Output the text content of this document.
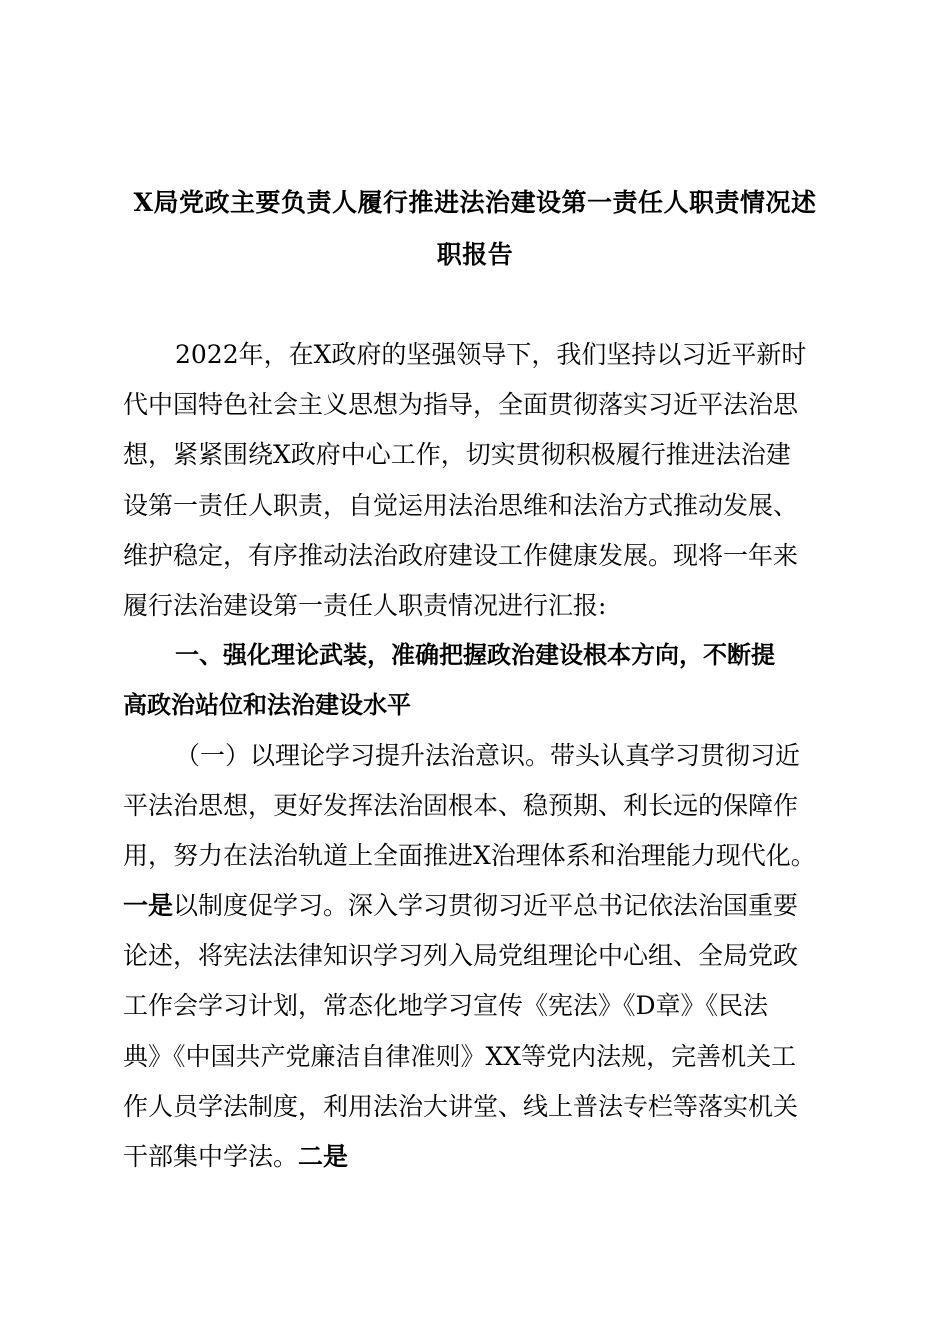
X局党政主要负责人履行推进法治建设第一责任人职责情况述
职报告
2022年，在X政府的坚强领导下，我们坚持以习近平新时
代中国特色社会主义思想为指导，全面贯彻落实习近平法治思
想，紧紧围绕X政府中心工作，切实贯彻积极履行推进法治建
设第一责任人职责，自觉运用法治思维和法治方式推动发展、
维护稳定，有序推动法治政府建设工作健康发展。现将一年来
履行法治建设第一责任人职责情况进行汇报:
一、强化理论武装，准确把握政治建设根本方向，不断提
高政治站位和法治建设水平
（一）以理论学习提升法治意识。带头认真学习贯彻习近
平法治思想，更好发挥法治固根本、稳预期、利长远的保障作
用，努力在法治轨道上全面推进X治理体系和治理能力现代化。
一是以制度促学习。深入学习贯彻习近平总书记依法治国重要
论述，将宪法法律知识学习列入局党组理论中心组、全局党政
工作会学习计划，常态化地学习宣传《宪法》《D章》《民法
典》《中国共产党廉洁自律准则》XX等党内法规，完善机关工
作人员学法制度，利用法治大讲堂、线上普法专栏等落实机关
干部集中学法。二是
